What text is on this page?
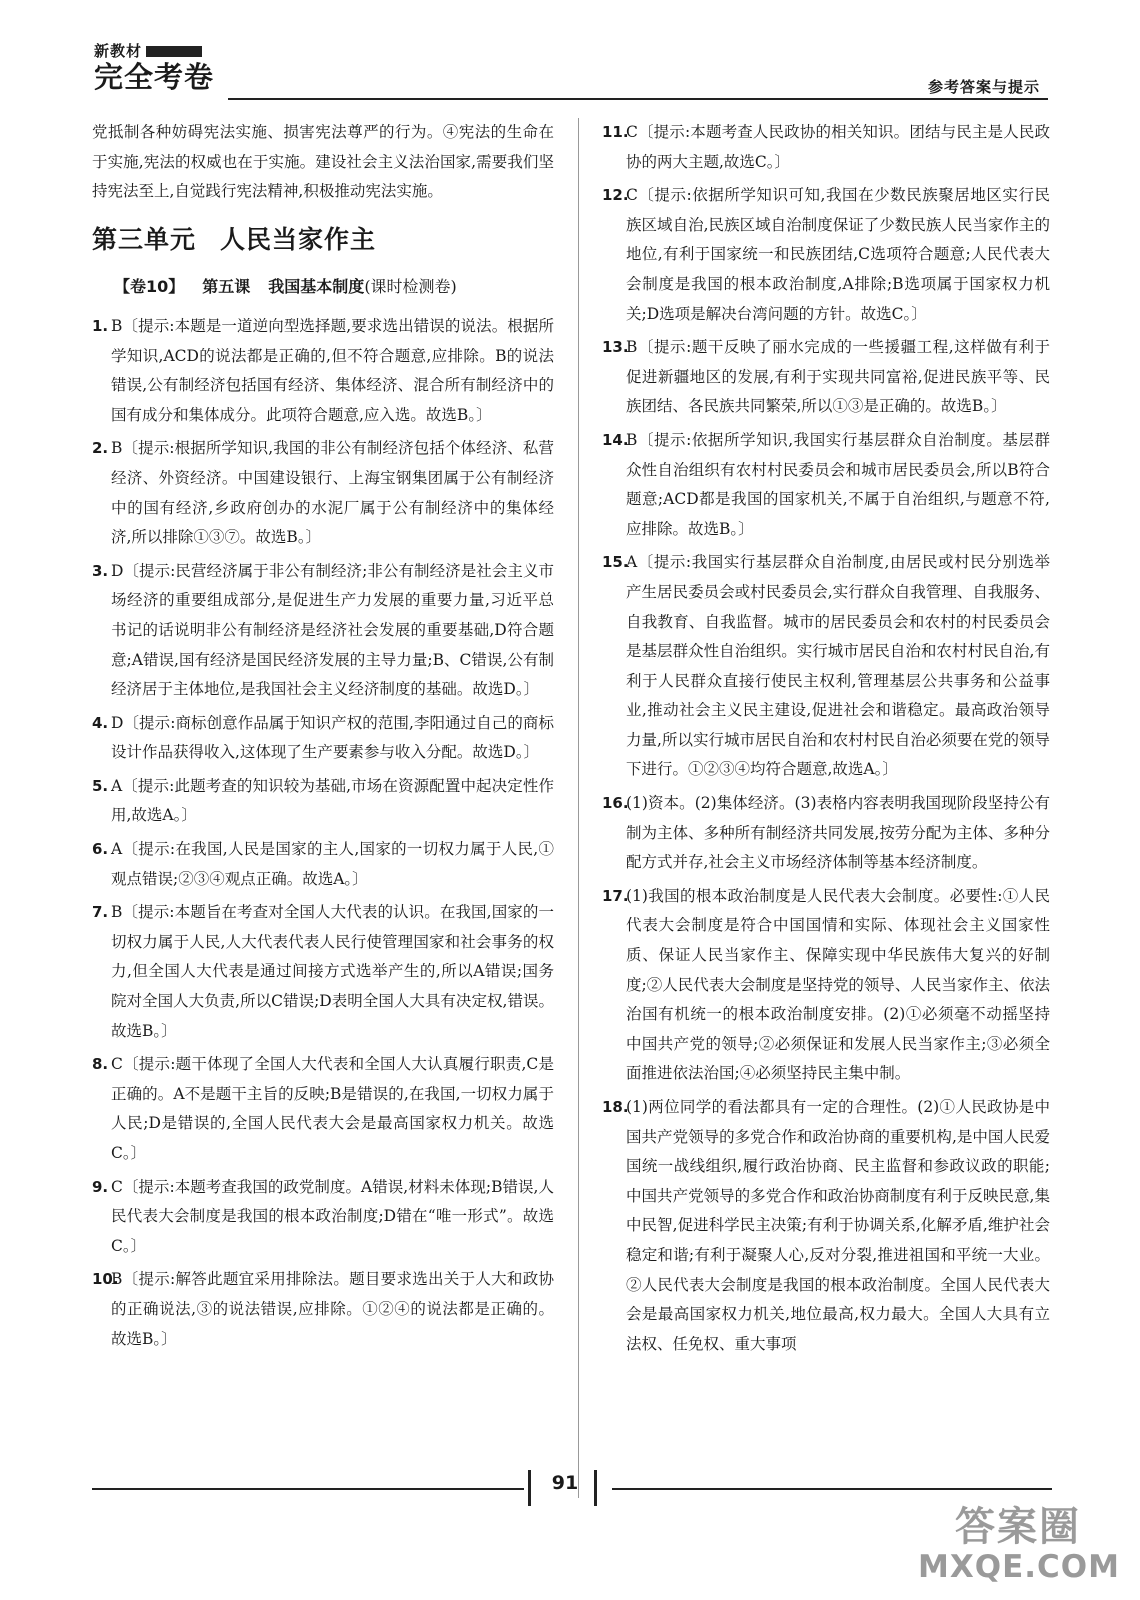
新教材
完全考卷	参考答案与提示

党抵制各种妨碍宪法实施、损害宪法尊严的行为。④宪法的生命在于实施,宪法的权威也在于实施。建设社会主义法治国家,需要我们坚持宪法至上,自觉践行宪法精神,积极推动宪法实施。

第三单元 人民当家作主
【卷10】 第五课 我国基本制度(课时检测卷)

1. B〔提示:本题是一道逆向型选择题,要求选出错误的说法。根据所学知识,ACD的说法都是正确的,但不符合题意,应排除。B的说法错误,公有制经济包括国有经济、集体经济、混合所有制经济中的国有成分和集体成分。此项符合题意,应入选。故选B。〕

2. B〔提示:根据所学知识,我国的非公有制经济包括个体经济、私营经济、外资经济。中国建设银行、上海宝钢集团属于公有制经济中的国有经济,乡政府创办的水泥厂属于公有制经济中的集体经济,所以排除①③⑦。故选B。〕

3. D〔提示:民营经济属于非公有制经济;非公有制经济是社会主义市场经济的重要组成部分,是促进生产力发展的重要力量,习近平总书记的话说明非公有制经济是经济社会发展的重要基础,D符合题意;A错误,国有经济是国民经济发展的主导力量;B、C错误,公有制经济居于主体地位,是我国社会主义经济制度的基础。故选D。〕

4. D〔提示:商标创意作品属于知识产权的范围,李阳通过自己的商标设计作品获得收入,这体现了生产要素参与收入分配。故选D。〕

5. A〔提示:此题考查的知识较为基础,市场在资源配置中起决定性作用,故选A。〕

6. A〔提示:在我国,人民是国家的主人,国家的一切权力属于人民,①观点错误;②③④观点正确。故选A。〕

7. B〔提示:本题旨在考查对全国人大代表的认识。在我国,国家的一切权力属于人民,人大代表代表人民行使管理国家和社会事务的权力,但全国人大代表是通过间接方式选举产生的,所以A错误;国务院对全国人大负责,所以C错误;D表明全国人大具有决定权,错误。故选B。〕

8. C〔提示:题干体现了全国人大代表和全国人大认真履行职责,C是正确的。A不是题干主旨的反映;B是错误的,在我国,一切权力属于人民;D是错误的,全国人民代表大会是最高国家权力机关。故选C。〕

9. C〔提示:本题考查我国的政党制度。A错误,材料未体现;B错误,人民代表大会制度是我国的根本政治制度;D错在“唯一形式”。故选C。〕

10.
B〔提示:解答此题宜采用排除法。题目要求选出关于人大和政协的正确说法,③的说法错误,应排除。①②④的说法都是正确的。故选B。〕

11.
C〔提示:本题考查人民政协的相关知识。团结与民主是人民政协的两大主题,故选C。〕

12.
C〔提示:依据所学知识可知,我国在少数民族聚居地区实行民族区域自治,民族区域自治制度保证了少数民族人民当家作主的地位,有利于国家统一和民族团结,C选项符合题意;人民代表大会制度是我国的根本政治制度,A排除;B选项属于国家权力机关;D选项是解决台湾问题的方针。故选C。〕

13.
B〔提示:题干反映了丽水完成的一些援疆工程,这样做有利于促进新疆地区的发展,有利于实现共同富裕,促进民族平等、民族团结、各民族共同繁荣,所以①③是正确的。故选B。〕

14.
B〔提示:依据所学知识,我国实行基层群众自治制度。基层群众性自治组织有农村村民委员会和城市居民委员会,所以B符合题意;ACD都是我国的国家机关,不属于自治组织,与题意不符,应排除。故选B。〕

15.
A〔提示:我国实行基层群众自治制度,由居民或村民分别选举产生居民委员会或村民委员会,实行群众自我管理、自我服务、自我教育、自我监督。城市的居民委员会和农村的村民委员会是基层群众性自治组织。实行城市居民自治和农村村民自治,有利于人民群众直接行使民主权利,管理基层公共事务和公益事业,推动社会主义民主建设,促进社会和谐稳定。最高政治领导力量,所以实行城市居民自治和农村村民自治必须要在党的领导下进行。①②③④均符合题意,故选A。〕

16.
(1)资本。(2)集体经济。(3)表格内容表明我国现阶段坚持公有制为主体、多种所有制经济共同发展,按劳分配为主体、多种分配方式并存,社会主义市场经济体制等基本经济制度。

17.
(1)我国的根本政治制度是人民代表大会制度。必要性:①人民代表大会制度是符合中国国情和实际、体现社会主义国家性质、保证人民当家作主、保障实现中华民族伟大复兴的好制度;②人民代表大会制度是坚持党的领导、人民当家作主、依法治国有机统一的根本政治制度安排。(2)①必须毫不动摇坚持中国共产党的领导;②必须保证和发展人民当家作主;③必须全面推进依法治国;④必须坚持民主集中制。

18.
(1)两位同学的看法都具有一定的合理性。(2)①人民政协是中国共产党领导的多党合作和政治协商的重要机构,是中国人民爱国统一战线组织,履行政治协商、民主监督和参政议政的职能;中国共产党领导的多党合作和政治协商制度有利于反映民意,集中民智,促进科学民主决策;有利于协调关系,化解矛盾,维护社会稳定和谐;有利于凝聚人心,反对分裂,推进祖国和平统一大业。②人民代表大会制度是我国的根本政治制度。全国人民代表大会是最高国家权力机关,地位最高,权力最大。全国人大具有立法权、任免权、重大事项

91
答案圈
MXQE.COM
